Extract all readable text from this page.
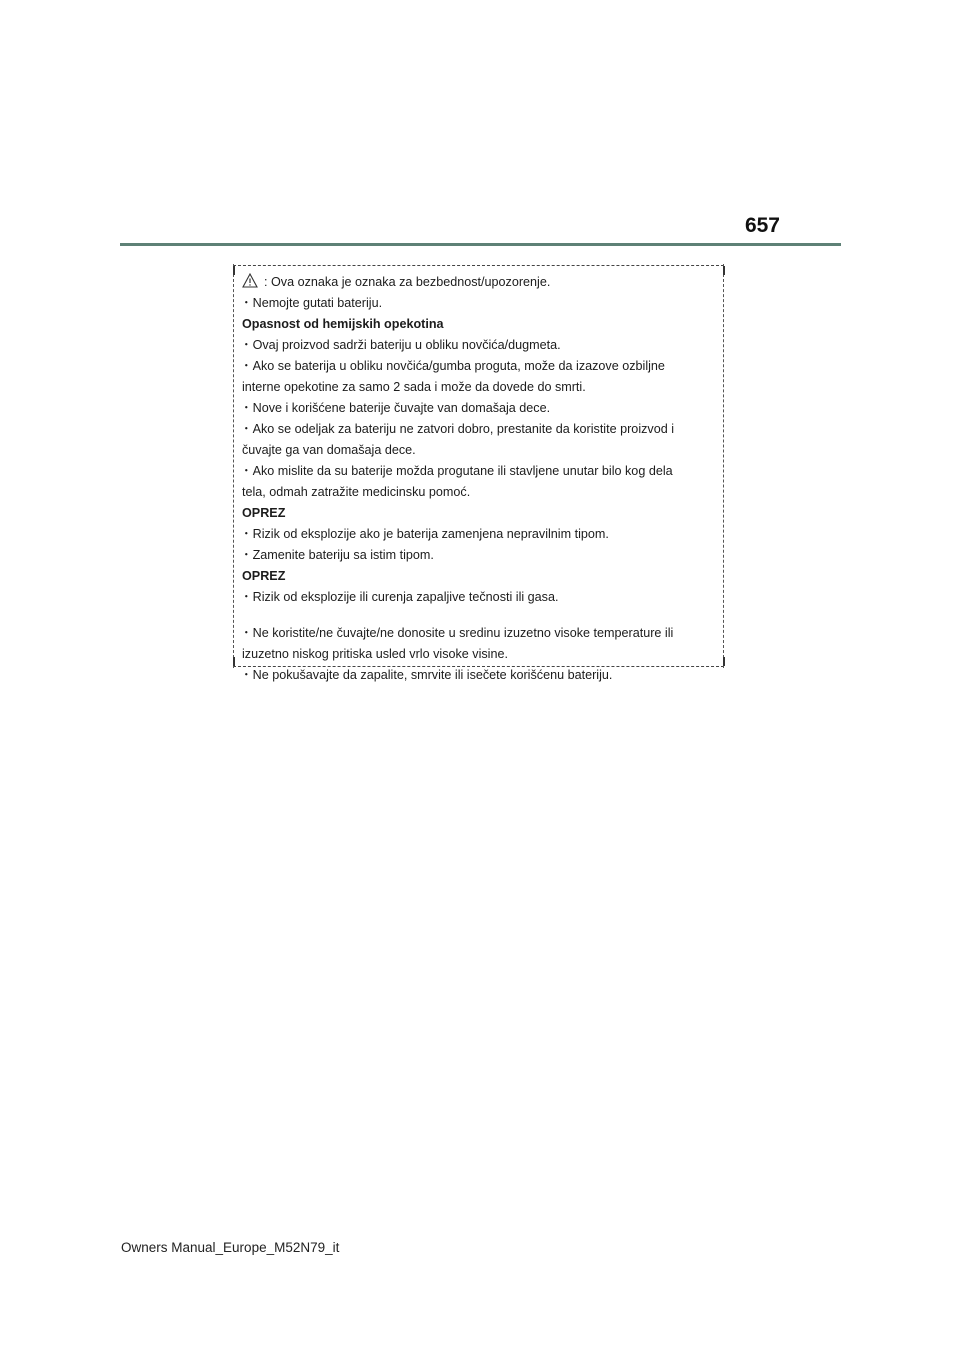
657
: Ova oznaka je oznaka za bezbednost/upozorenje.
・Nemojte gutati bateriju.
Opasnost od hemijskih opekotina
・Ovaj proizvod sadrži bateriju u obliku novčića/dugmeta.
・Ako se baterija u obliku novčića/gumba proguta, može da izazove ozbiljne
interne opekotine za samo 2 sada i može da dovede do smrti.
・Nove i korišćene baterije čuvajte van domašaja dece.
・Ako se odeljak za bateriju ne zatvori dobro, prestanite da koristite proizvod i
čuvajte ga van domašaja dece.
・Ako mislite da su baterije možda progutane ili stavljene unutar bilo kog dela
tela, odmah zatražite medicinsku pomoć.
OPREZ
・Rizik od eksplozije ako je baterija zamenjena nepravilnim tipom.
・Zamenite bateriju sa istim tipom.
OPREZ
・Rizik od eksplozije ili curenja zapaljive tečnosti ili gasa.
・Ne koristite/ne čuvajte/ne donosite u sredinu izuzetno visoke temperature ili
izuzetno niskog pritiska usled vrlo visoke visine.
・Ne pokušavajte da zapalite, smrvite ili isečete korišćenu bateriju.
Owners Manual_Europe_M52N79_it
